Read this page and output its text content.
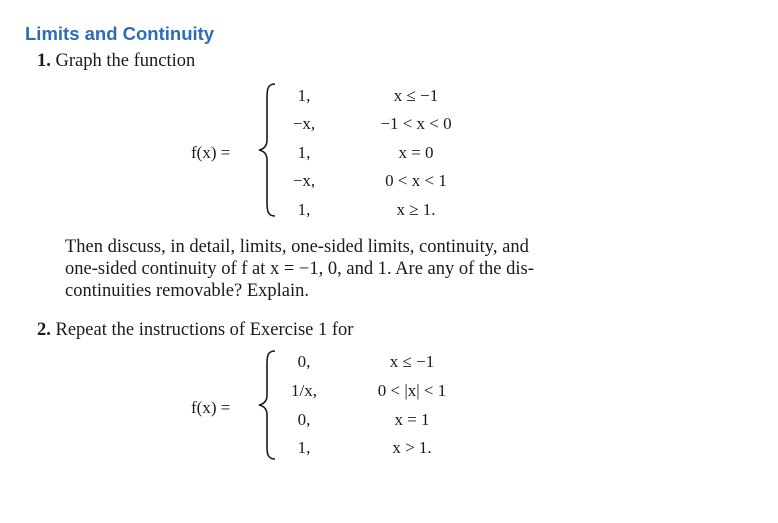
Limits and Continuity
1. Graph the function
f(x) =
1,	x ≤ −1
−x,	−1 < x < 0
1,	x = 0
−x,	0 < x < 1
1,	x ≥ 1.
Then discuss, in detail, limits, one-sided limits, continuity, and
one-sided continuity of f at x = −1, 0, and 1. Are any of the dis-
continuities removable? Explain.
2. Repeat the instructions of Exercise 1 for
f(x) =
0,	x ≤ −1
1/x,	0 < |x| < 1
0,	x = 1
1,	x > 1.
